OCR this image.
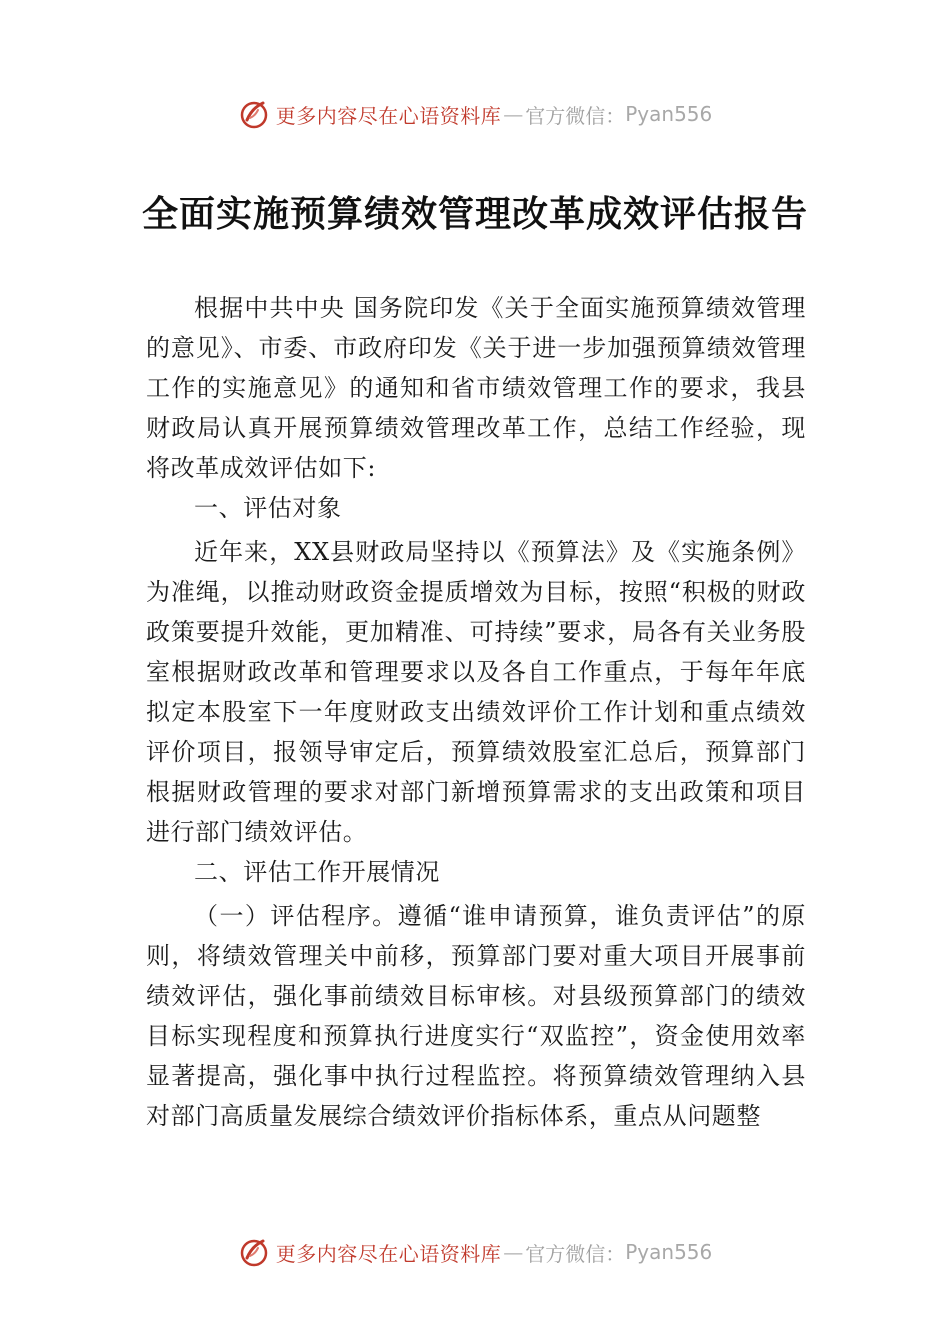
更多内容尽在心语资料库 — 官方微信： Pyan556
全面实施预算绩效管理改革成效评估报告

根据中共中央 国务院印发《关于全面实施预算绩效管理的意见》、市委、市政府印发《关于进一步加强预算绩效管理工作的实施意见》的通知和省市绩效管理工作的要求，我县财政局认真开展预算绩效管理改革工作，总结工作经验，现将改革成效评估如下:

一、评估对象

近年来，XX县财政局坚持以《预算法》及《实施条例》为准绳，以推动财政资金提质增效为目标，按照“积极的财政政策要提升效能，更加精准、可持续”要求，局各有关业务股室根据财政改革和管理要求以及各自工作重点，于每年年底拟定本股室下一年度财政支出绩效评价工作计划和重点绩效评价项目，报领导审定后，预算绩效股室汇总后，预算部门根据财政管理的要求对部门新增预算需求的支出政策和项目进行部门绩效评估。

二、评估工作开展情况

（一）评估程序。遵循“谁申请预算，谁负责评估”的原则，将绩效管理关中前移，预算部门要对重大项目开展事前绩效评估，强化事前绩效目标审核。对县级预算部门的绩效目标实现程度和预算执行进度实行“双监控”，资金使用效率显著提高，强化事中执行过程监控。将预算绩效管理纳入县对部门高质量发展综合绩效评价指标体系，重点从问题整

更多内容尽在心语资料库 — 官方微信： Pyan556
